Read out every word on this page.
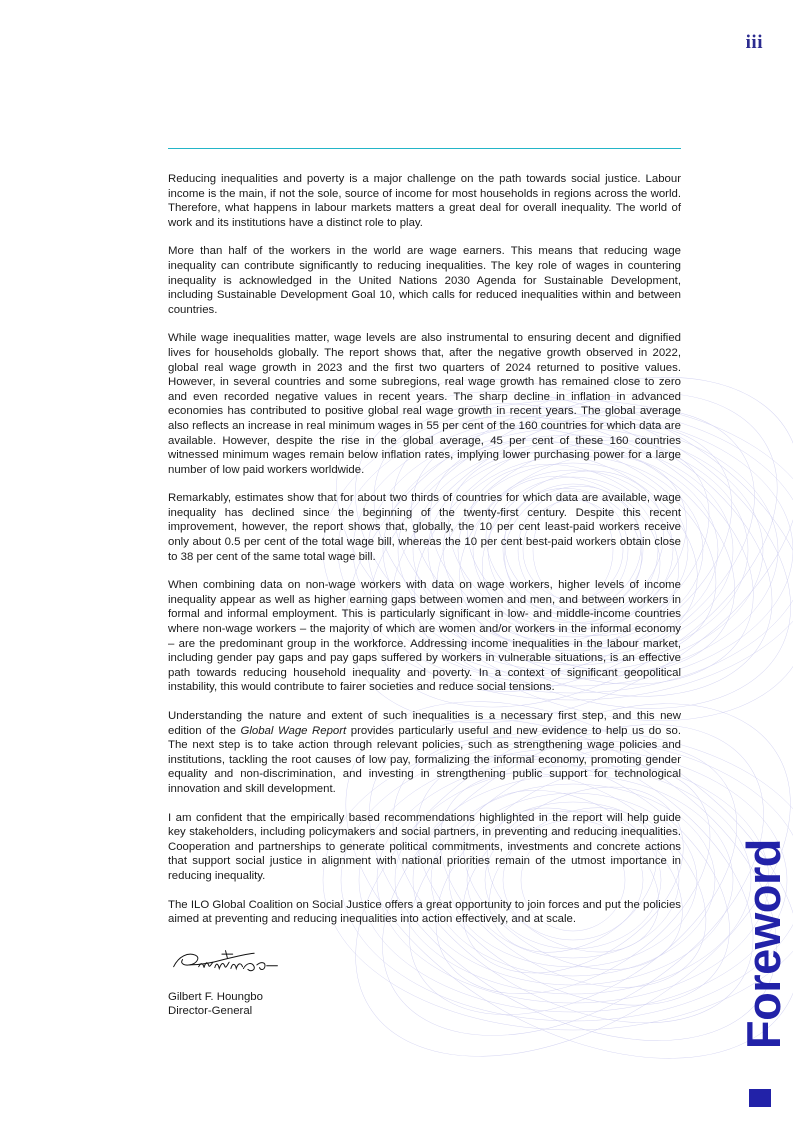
iii

Reducing inequalities and poverty is a major challenge on the path towards social justice. Labour income is the main, if not the sole, source of income for most households in regions across the world. Therefore, what happens in labour markets matters a great deal for overall inequality. The world of work and its institutions have a distinct role to play.

More than half of the workers in the world are wage earners. This means that reducing wage inequality can contribute significantly to reducing inequalities. The key role of wages in countering inequality is acknowledged in the United Nations 2030 Agenda for Sustainable Development, including Sustainable Development Goal 10, which calls for reduced inequalities within and between countries.

While wage inequalities matter, wage levels are also instrumental to ensuring decent and dignified lives for households globally. The report shows that, after the negative growth observed in 2022, global real wage growth in 2023 and the first two quarters of 2024 returned to positive values. However, in several countries and some subregions, real wage growth has remained close to zero and even recorded negative values in recent years. The sharp decline in inflation in advanced economies has contributed to positive global real wage growth in recent years. The global average also reflects an increase in real minimum wages in 55 per cent of the 160 countries for which data are available. However, despite the rise in the global average, 45 per cent of these 160 countries witnessed minimum wages remain below inflation rates, implying lower purchasing power for a large number of low paid workers worldwide.

Remarkably, estimates show that for about two thirds of countries for which data are available, wage inequality has declined since the beginning of the twenty-first century. Despite this recent improvement, however, the report shows that, globally, the 10 per cent least-paid workers receive only about 0.5 per cent of the total wage bill, whereas the 10 per cent best-paid workers obtain close to 38 per cent of the same total wage bill.

When combining data on non-wage workers with data on wage workers, higher levels of income inequality appear as well as higher earning gaps between women and men, and between workers in formal and informal employment. This is particularly significant in low- and middle-income countries where non-wage workers – the majority of which are women and/or workers in the informal economy – are the predominant group in the workforce. Addressing income inequalities in the labour market, including gender pay gaps and pay gaps suffered by workers in vulnerable situations, is an effective path towards reducing household inequality and poverty. In a context of significant geopolitical instability, this would contribute to fairer societies and reduce social tensions.

Understanding the nature and extent of such inequalities is a necessary first step, and this new edition of the Global Wage Report provides particularly useful and new evidence to help us do so. The next step is to take action through relevant policies, such as strengthening wage policies and institutions, tackling the root causes of low pay, formalizing the informal economy, promoting gender equality and non-discrimination, and investing in strengthening public support for technological innovation and skill development.

I am confident that the empirically based recommendations highlighted in the report will help guide key stakeholders, including policymakers and social partners, in preventing and reducing inequalities. Cooperation and partnerships to generate political commitments, investments and concrete actions that support social justice in alignment with national priorities remain of the utmost importance in reducing inequality.

The ILO Global Coalition on Social Justice offers a great opportunity to join forces and put the policies aimed at preventing and reducing inequalities into action effectively, and at scale.

Gilbert F. Houngbo
Director-General	Foreword
